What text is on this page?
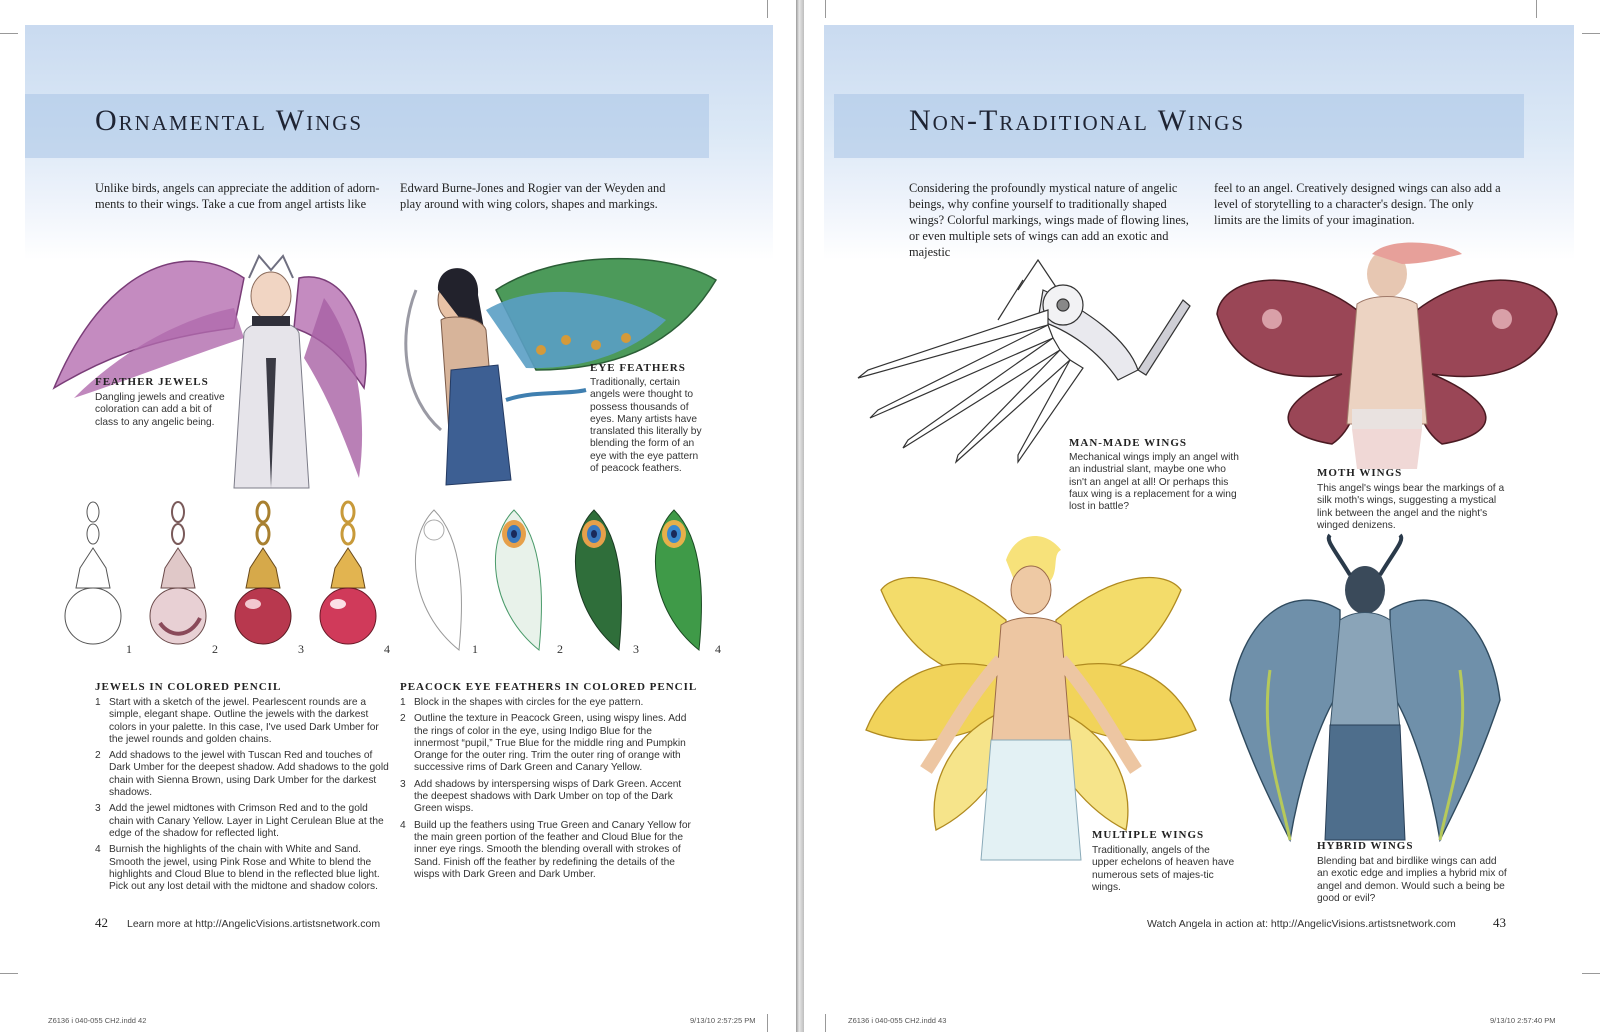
Ornamental Wings
Unlike birds, angels can appreciate the addition of adorn-ments to their wings. Take a cue from angel artists like
Edward Burne-Jones and Rogier van der Weyden and play around with wing colors, shapes and markings.
FEATHER JEWELS
Dangling jewels and creative coloration can add a bit of class to any angelic being.
EYE FEATHERS
Traditionally, certain angels were thought to possess thousands of eyes. Many artists have translated this literally by blending the form of an eye with the eye pattern of peacock feathers.
1	2	3	4	1	2	3	4
JEWELS IN COLORED PENCIL
1 Start with a sketch of the jewel. Pearlescent rounds are a simple, elegant shape. Outline the jewels with the darkest colors in your palette. In this case, I've used Dark Umber for the jewel rounds and golden chains.
2 Add shadows to the jewel with Tuscan Red and touches of Dark Umber for the deepest shadow. Add shadows to the gold chain with Sienna Brown, using Dark Umber for the darkest shadows.
3 Add the jewel midtones with Crimson Red and to the gold chain with Canary Yellow. Layer in Light Cerulean Blue at the edge of the shadow for reflected light.
4 Burnish the highlights of the chain with White and Sand. Smooth the jewel, using Pink Rose and White to blend the highlights and Cloud Blue to blend in the reflected blue light. Pick out any lost detail with the midtone and shadow colors.
PEACOCK EYE FEATHERS IN COLORED PENCIL
1 Block in the shapes with circles for the eye pattern.
2 Outline the texture in Peacock Green, using wispy lines. Add the rings of color in the eye, using Indigo Blue for the innermost “pupil,” True Blue for the middle ring and Pumpkin Orange for the outer ring. Trim the outer ring of orange with successive rims of Dark Green and Canary Yellow.
3 Add shadows by interspersing wisps of Dark Green. Accent the deepest shadows with Dark Umber on top of the Dark Green wisps.
4 Build up the feathers using True Green and Canary Yellow for the main green portion of the feather and Cloud Blue for the inner eye rings. Smooth the blending overall with strokes of Sand. Finish off the feather by redefining the details of the wisps with Dark Green and Dark Umber.
42 Learn more at http://AngelicVisions.artistsnetwork.com
Z6136 i 040-055 CH2.indd 42	9/13/10 2:57:25 PM
Non-Traditional Wings
Considering the profoundly mystical nature of angelic beings, why confine yourself to traditionally shaped wings? Colorful markings, wings made of flowing lines, or even multiple sets of wings can add an exotic and majestic
feel to an angel. Creatively designed wings can also add a level of storytelling to a character's design. The only limits are the limits of your imagination.
MAN-MADE WINGS
Mechanical wings imply an angel with an industrial slant, maybe one who isn't an angel at all! Or perhaps this faux wing is a replacement for a wing lost in battle?
MOTH WINGS
This angel's wings bear the markings of a silk moth's wings, suggesting a mystical link between the angel and the night's winged denizens.
MULTIPLE WINGS
Traditionally, angels of the upper echelons of heaven have numerous sets of majes-tic wings.
HYBRID WINGS
Blending bat and birdlike wings can add an exotic edge and implies a hybrid mix of angel and demon. Would such a being be good or evil?
Watch Angela in action at: http://AngelicVisions.artistsnetwork.com	43
Z6136 i 040-055 CH2.indd 43	9/13/10 2:57:40 PM
